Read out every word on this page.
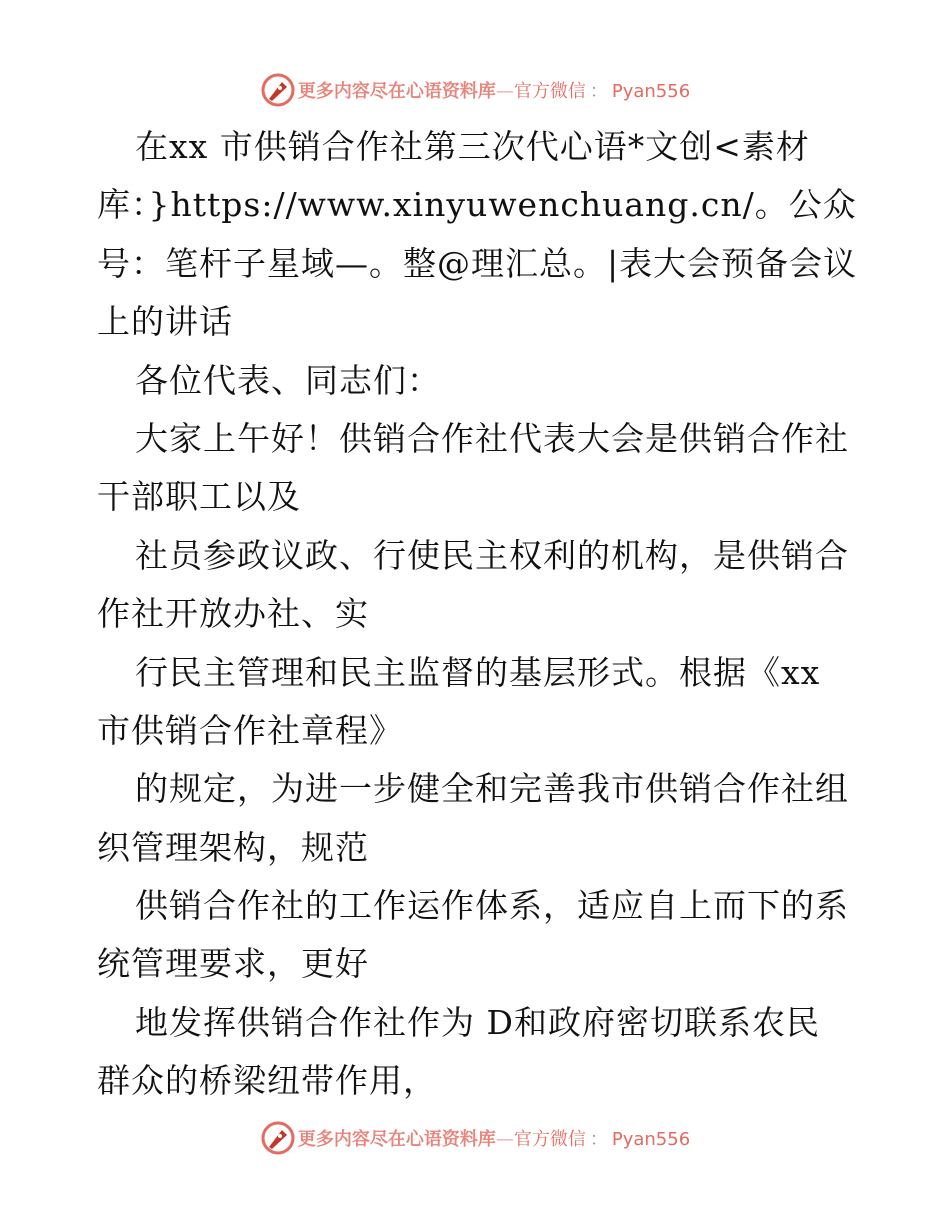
更多内容尽在心语资料库—官方微信 ： Pyan556
在xx 市供销合作社第三次代心语*文创<素材
库：}https://www.xinyuwenchuang.cn/。公众
号：笔杆子星域—。整@理汇总。|表大会预备会议
上的讲话
各位代表、同志们：
大家上午好！供销合作社代表大会是供销合作社
干部职工以及
社员参政议政、行使民主权利的机构，是供销合
作社开放办社、实
行民主管理和民主监督的基层形式。根据《xx
市供销合作社章程》
的规定，为进一步健全和完善我市供销合作社组
织管理架构，规范
供销合作社的工作运作体系，适应自上而下的系
统管理要求，更好
地发挥供销合作社作为 D和政府密切联系农民
群众的桥梁纽带作用，
更多内容尽在心语资料库—官方微信 ： Pyan556
